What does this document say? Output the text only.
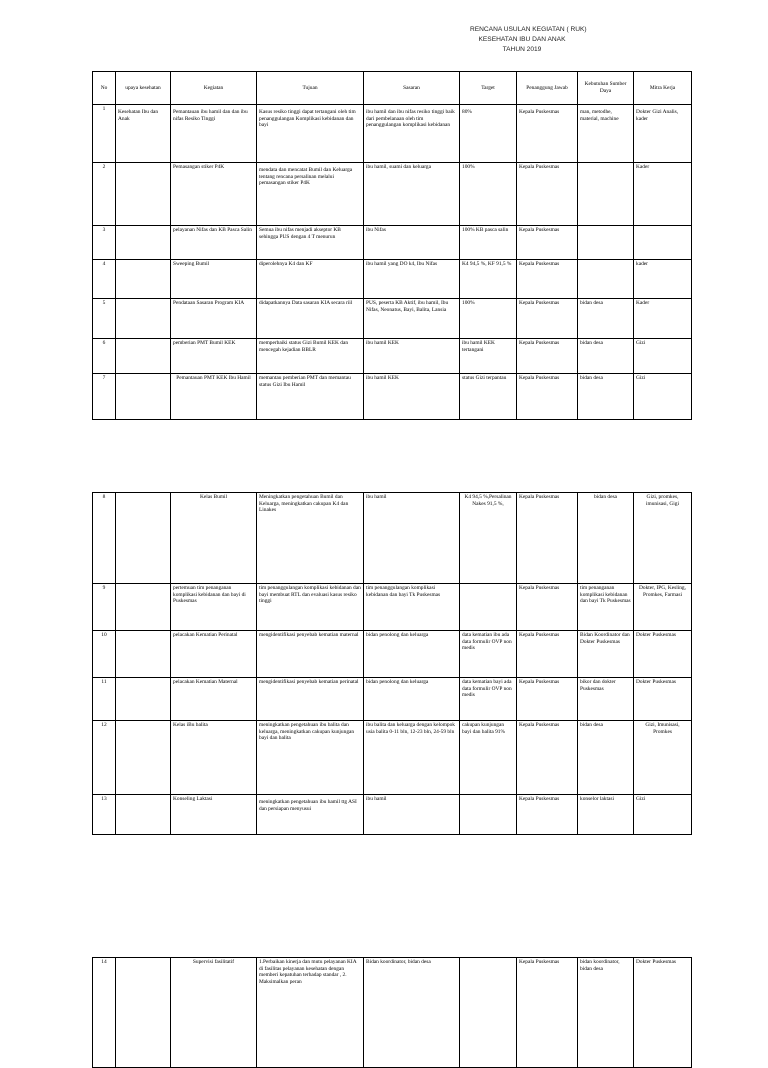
RENCANA USULAN KEGIATAN ( RUK)
KESEHATAN IBU DAN ANAK
TAHUN 2019
No	upaya kesehatan	Kegiatan	Tujuan	Sasaran	Target	Penanggung Jawab	Kebutuhan Sumber Daya	Mitra Kerja
1	Kesehatan Ibu dan Anak	Pemantauan ibu hamil dan dan ibu nifas Resiko Tinggi	Kasus resiko tinggi dapat tertangani oleh tim penanggulangan Komplikasi kebidanan dan bayi	ibu hamil dan ibu nifas resiko tinggi baik dari pembelanaan oleh tim penanggulangan komplikasi kebidanan	80%	Kepala Puskesmas	man, metodhe, material, machine	Dokter Gizi Analis, kader
2		Pemasangan stiker P4K	mendata dan mencatat Bumil dan Keluarga tentang rencana persalinan melalui pemasangan stiker P4K	ibu hamil, suami dan keluarga	100%	Kepala Puskesmas		Kader
3		pelayanan Nifas dan KB Pasca Salin	Semua ibu nifas menjadi akseptor KB sehingga PUS dengan 4 T menurun	ibu Nifas	100% KB pasca salin	Kepala Puskesmas		
4		Sweeping Bumil	diperolehnya K4 dan KF	ibu hamil yang DO k4, Ibu Nifas	K4 94,5 %, KF 91,5 %	Kepala Puskesmas		kader
5		Pendataan Sasaran Program KIA	didapatkannya Data sasaran KIA secara riil	PUS, peserta KB Aktif, ibu hamil, Ibu Nifas, Neonatus, Bayi, Balita, Lansia	100%	Kepala Puskesmas	bidan desa	Kader
6		pemberian PMT Bumil KEK	memperbaiki status Gizi Bumil KEK dan mencegah kejadian BBLR	ibu hamil KEK	ibu hamil KEK tertangani	Kepala Puskesmas	bidan desa	Gizi
7		Pemantauan PMT KEK Ibu Hamil	memantau pemberian PMT dan memantau status Gizi Ibu Hamil	ibu hamil KEK	status Gizi terpantau	Kepala Puskesmas	bidan desa	Gizi
8		Kelas Bumil	Meningkatkan pengetahuan Bumil dan Keluarga, meningkatkan cakupan K4 dan Linakes	ibu hamil	K4 94,5 %,Persalinan Nakes 91,5 %,	Kepala Puskesmas	bidan desa	Gizi, promkes, imunisasi, Gigi
9		pertemuan tim penanganan komplikasi kebidanan dan bayi di Puskesmas	tim penanggulangan komplikasi kebidanan dan bayi membuat RTL dan evaluasi kasus resiko tinggi	tim penanggulangan komplikasi kebidanan dan bayi Tk Puskesmas		Kepala Puskesmas	tim penanganan komplikasi kebidanan dan bayi Tk Puskesmas	Dokter, IPG, Kesling, Promkes, Farmasi
10		pelacakan Kematian Perinatal	mengidentifikasi penyebab kematian maternal	bidan penolong dan keluarga	data kematian ibu ada data formulir OVP non medis	Kepala Puskesmas	Bidan Koordinator dan Dokter Puskesmas	Dokter Puskesmas
11		pelacakan Kematian Maternal	mengidentifikasi penyebab kematian perinatal	bidan penolong dan keluarga	data kematian bayi ada data formulir OVP non medis	Kepala Puskesmas	bikor dan dokter Puskesmas	Dokter Puskesmas
12		Kelas iBu balita	meningkatkan pengetahuan ibu balita dan keluarga, meningkatkan cakupan kunjungan bayi dan balita	ibu balita dan keluarga dengan kelompok usia balita 0-11 bln, 12-23 bln, 24-59 bln	cakupan kunjungan bayi dan balita 91%	Kepala Puskesmas	bidan desa	Gizi, Imunisasi, Promkes
13		Konseling Laktasi	meningkatkan pengetahuan ibu hamil ttg ASI dan persiapan menyusui	ibu hamil		Kepala Puskesmas	konselor laktasi	Gizi
14		Supervisi fasilitatif	1.Perbaikan kinerja dan mutu pelayanan KIA di fasilitas pelayanan kesehatan dengan memberi kepatuhan terhadap standar , 2. Maksimalkan peran	Bidan koordinator, bidan desa		Kepala Puskesmas	bidan koordinator, bidan desa	Dokter Puskesmas
